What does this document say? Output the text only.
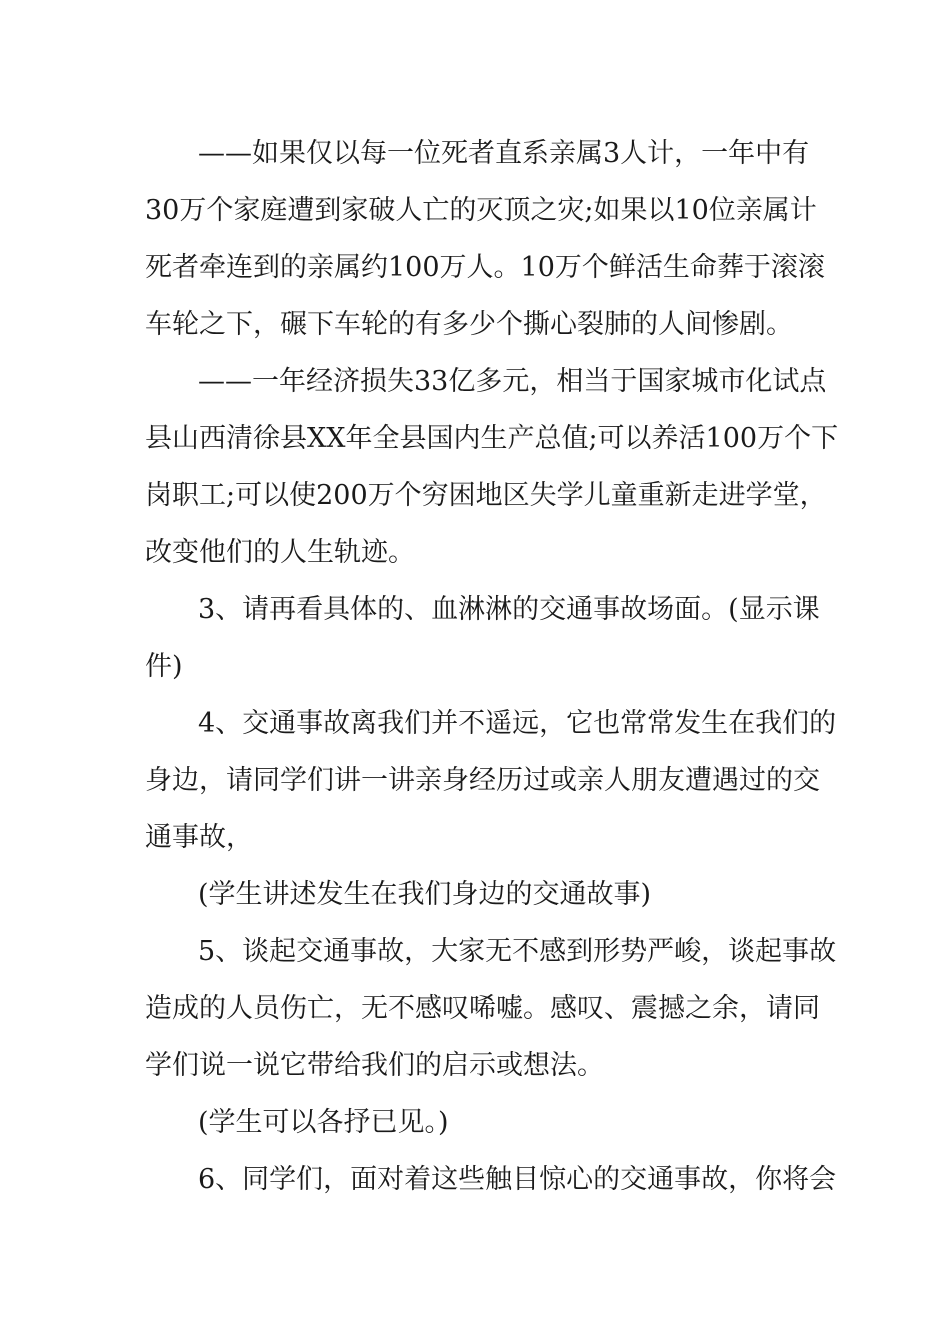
——如果仅以每一位死者直系亲属3人计，一年中有
30万个家庭遭到家破人亡的灭顶之灾;如果以10位亲属计
死者牵连到的亲属约100万人。10万个鲜活生命葬于滚滚
车轮之下，碾下车轮的有多少个撕心裂肺的人间惨剧。
——一年经济损失33亿多元，相当于国家城市化试点
县山西清徐县XX年全县国内生产总值;可以养活100万个下
岗职工;可以使200万个穷困地区失学儿童重新走进学堂，
改变他们的人生轨迹。
3、请再看具体的、血淋淋的交通事故场面。(显示课
件)
4、交通事故离我们并不遥远，它也常常发生在我们的
身边，请同学们讲一讲亲身经历过或亲人朋友遭遇过的交
通事故，
(学生讲述发生在我们身边的交通故事)
5、谈起交通事故，大家无不感到形势严峻，谈起事故
造成的人员伤亡，无不感叹唏嘘。感叹、震撼之余，请同
学们说一说它带给我们的启示或想法。
(学生可以各抒已见。)
6、同学们，面对着这些触目惊心的交通事故，你将会
